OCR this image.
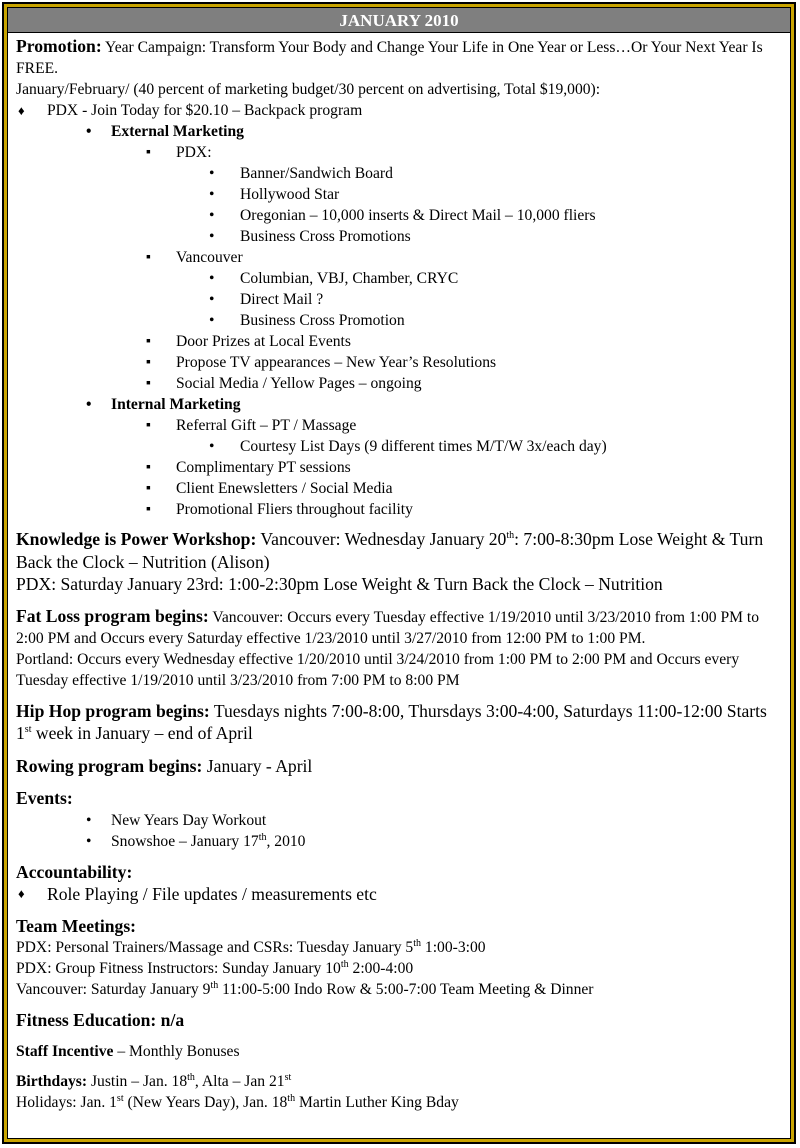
JANUARY 2010

Promotion: Year Campaign: Transform Your Body and Change Your Life in One Year or Less…Or Your Next Year Is FREE.

January/February/ (40 percent of marketing budget/30 percent on advertising, Total $19,000):

♦ PDX - Join Today for $20.10 – Backpack program

• External Marketing
▪ PDX:
• Banner/Sandwich Board
• Hollywood Star
• Oregonian – 10,000 inserts & Direct Mail – 10,000 fliers
• Business Cross Promotions
▪ Vancouver
• Columbian, VBJ, Chamber, CRYC
• Direct Mail ?
• Business Cross Promotion
▪ Door Prizes at Local Events
▪ Propose TV appearances – New Year’s Resolutions
▪ Social Media / Yellow Pages – ongoing
• Internal Marketing
▪ Referral Gift – PT / Massage
• Courtesy List Days (9 different times M/T/W 3x/each day)
▪ Complimentary PT sessions
▪ Client Enewsletters / Social Media
▪ Promotional Fliers throughout facility

Knowledge is Power Workshop: Vancouver: Wednesday January 20th: 7:00-8:30pm Lose Weight & Turn Back the Clock – Nutrition (Alison)

PDX: Saturday January 23rd: 1:00-2:30pm Lose Weight & Turn Back the Clock – Nutrition

Fat Loss program begins: Vancouver: Occurs every Tuesday effective 1/19/2010 until 3/23/2010 from 1:00 PM to 2:00 PM and Occurs every Saturday effective 1/23/2010 until 3/27/2010 from 12:00 PM to 1:00 PM.

Portland: Occurs every Wednesday effective 1/20/2010 until 3/24/2010 from 1:00 PM to 2:00 PM and Occurs every Tuesday effective 1/19/2010 until 3/23/2010 from 7:00 PM to 8:00 PM

Hip Hop program begins: Tuesdays nights 7:00-8:00, Thursdays 3:00-4:00, Saturdays 11:00-12:00 Starts 1st week in January – end of April

Rowing program begins: January - April

Events:

• New Years Day Workout
• Snowshoe – January 17th, 2010

Accountability:

♦ Role Playing / File updates / measurements etc

Team Meetings:

PDX: Personal Trainers/Massage and CSRs: Tuesday January 5th 1:00-3:00

PDX: Group Fitness Instructors: Sunday January 10th 2:00-4:00

Vancouver: Saturday January 9th 11:00-5:00 Indo Row & 5:00-7:00 Team Meeting & Dinner

Fitness Education: n/a

Staff Incentive – Monthly Bonuses

Birthdays: Justin – Jan. 18th, Alta – Jan 21st

Holidays: Jan. 1st (New Years Day), Jan. 18th Martin Luther King Bday
